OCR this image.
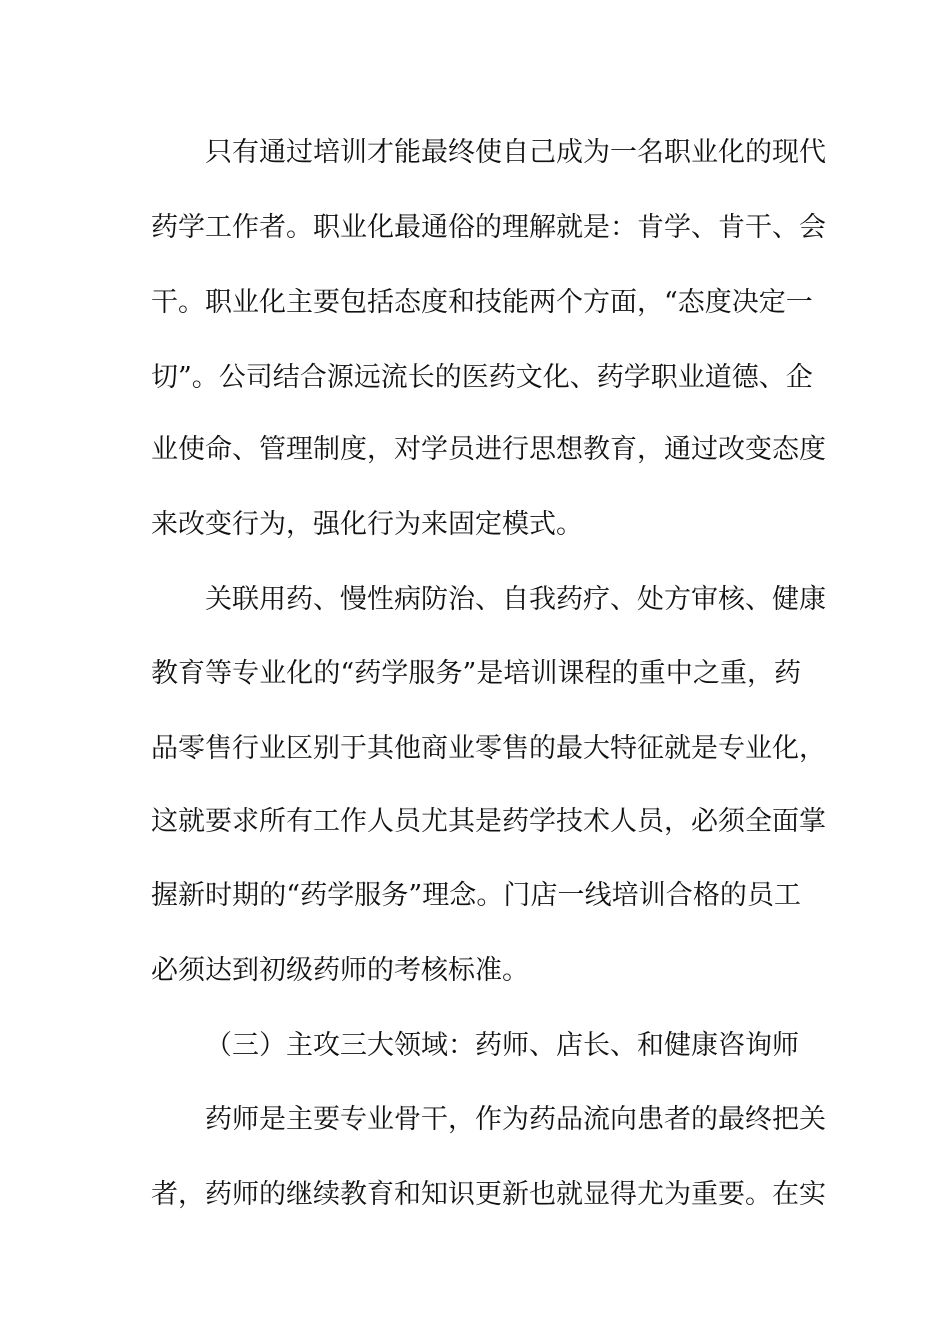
只有通过培训才能最终使自己成为一名职业化的现代
药学工作者。职业化最通俗的理解就是：肯学、肯干、会
干。职业化主要包括态度和技能两个方面，“态度决定一
切”。公司结合源远流长的医药文化、药学职业道德、企
业使命、管理制度，对学员进行思想教育，通过改变态度
来改变行为，强化行为来固定模式。
关联用药、慢性病防治、自我药疗、处方审核、健康
教育等专业化的“药学服务”是培训课程的重中之重，药
品零售行业区别于其他商业零售的最大特征就是专业化，
这就要求所有工作人员尤其是药学技术人员，必须全面掌
握新时期的“药学服务”理念。门店一线培训合格的员工
必须达到初级药师的考核标准。
（三）主攻三大领域：药师、店长、和健康咨询师
药师是主要专业骨干，作为药品流向患者的最终把关
者，药师的继续教育和知识更新也就显得尤为重要。在实
